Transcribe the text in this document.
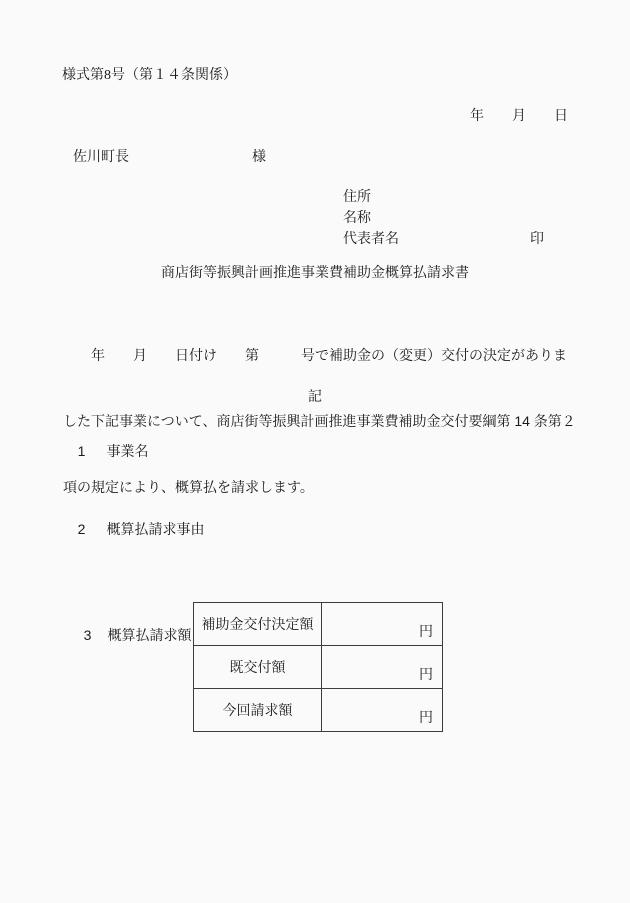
様式第8号（第１４条関係）
年　　月　　日
佐川町長	様
住所
名称
代表者名	印
商店街等振興計画推進事業費補助金概算払請求書

　　年　　月　　日付け　　第　　　号で補助金の（変更）交付の決定がありま

した下記事業について、商店街等振興計画推進事業費補助金交付要綱第 14 条第２

項の規定により、概算払を請求します。

記

1 事業名

2 概算払請求事由

3 概算払請求額

補助金交付決定額	円
既交付額	円
今回請求額	円
